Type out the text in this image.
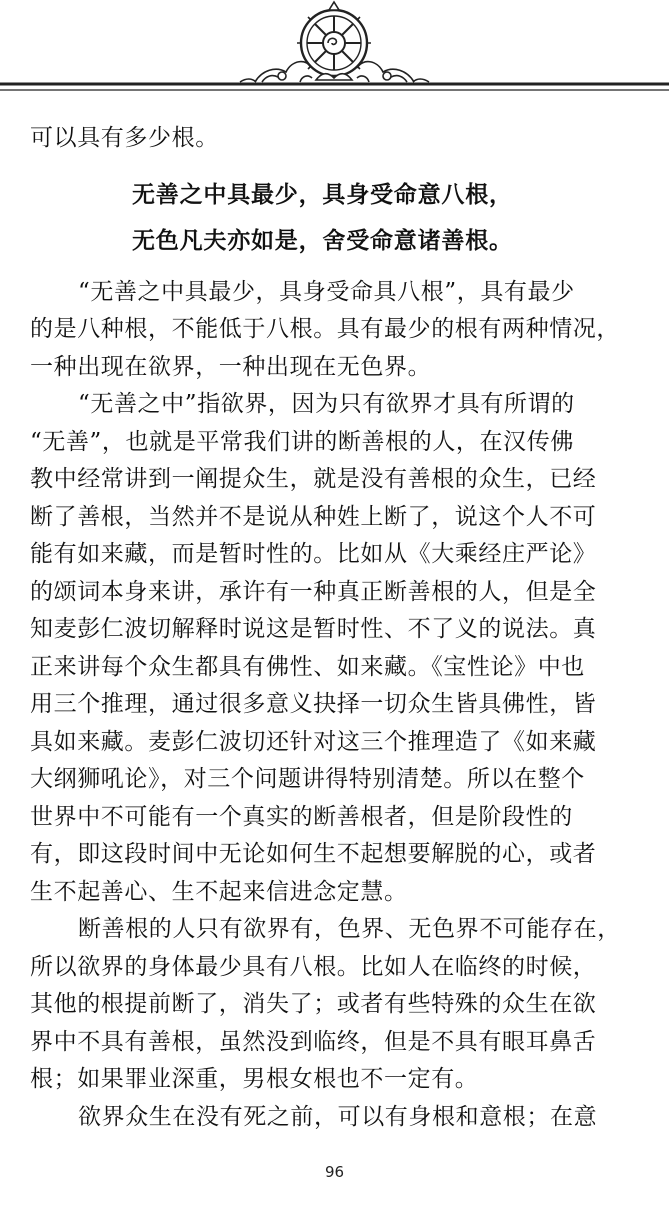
可以具有多少根。
无善之中具最少，具身受命意八根，
无色凡夫亦如是，舍受命意诸善根。
“无善之中具最少，具身受命具八根”，具有最少
的是八种根，不能低于八根。具有最少的根有两种情况，
一种出现在欲界，一种出现在无色界。
“无善之中”指欲界，因为只有欲界才具有所谓的
“无善”，也就是平常我们讲的断善根的人，在汉传佛
教中经常讲到一阐提众生，就是没有善根的众生，已经
断了善根，当然并不是说从种姓上断了，说这个人不可
能有如来藏，而是暂时性的。比如从《大乘经庄严论》
的颂词本身来讲，承许有一种真正断善根的人，但是全
知麦彭仁波切解释时说这是暂时性、不了义的说法。真
正来讲每个众生都具有佛性、如来藏。《宝性论》中也
用三个推理，通过很多意义抉择一切众生皆具佛性，皆
具如来藏。麦彭仁波切还针对这三个推理造了《如来藏
大纲狮吼论》，对三个问题讲得特别清楚。所以在整个
世界中不可能有一个真实的断善根者，但是阶段性的
有，即这段时间中无论如何生不起想要解脱的心，或者
生不起善心、生不起来信进念定慧。
断善根的人只有欲界有，色界、无色界不可能存在，
所以欲界的身体最少具有八根。比如人在临终的时候，
其他的根提前断了，消失了；或者有些特殊的众生在欲
界中不具有善根，虽然没到临终，但是不具有眼耳鼻舌
根；如果罪业深重，男根女根也不一定有。
欲界众生在没有死之前，可以有身根和意根；在意
96
